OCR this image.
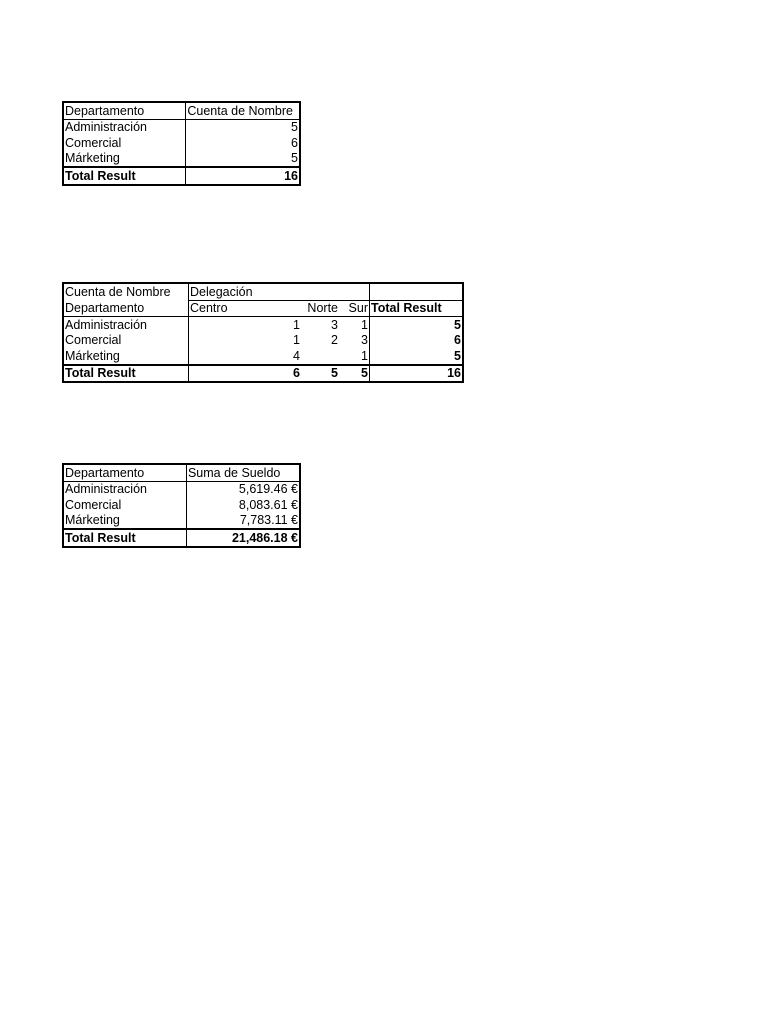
Departamento	Cuenta de Nombre
Administración	5
Comercial	6
Márketing	5
Total Result	16
Cuenta de Nombre	Delegación			
Departamento	Centro	Norte	Sur	Total Result
Administración	1	3	1	5
Comercial	1	2	3	6
Márketing	4		1	5
Total Result	6	5	5	16
Departamento	Suma de Sueldo
Administración	5,619.46 €
Comercial	8,083.61 €
Márketing	7,783.11 €
Total Result	21,486.18 €
